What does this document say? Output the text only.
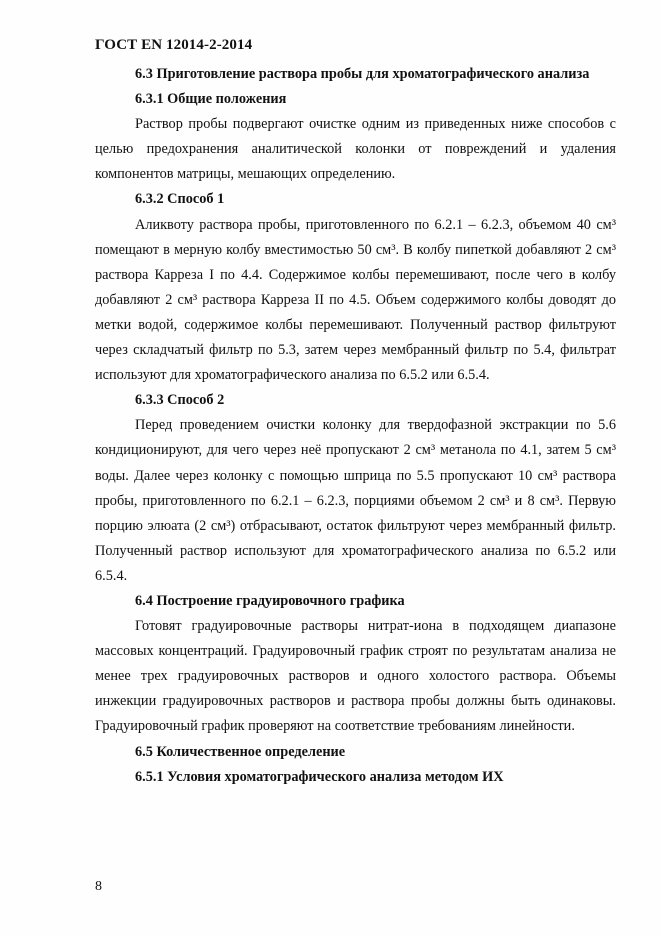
ГОСТ EN 12014-2-2014

6.3 Приготовление раствора пробы для хроматографического анализа

6.3.1 Общие положения

Раствор пробы подвергают очистке одним из приведенных ниже способов с целью предохранения аналитической колонки от повреждений и удаления компонентов матрицы, мешающих определению.

6.3.2 Способ 1

Аликвоту раствора пробы, приготовленного по 6.2.1 – 6.2.3, объемом 40 см³ помещают в мерную колбу вместимостью 50 см³. В колбу пипеткой добавляют 2 см³ раствора Карреза I по 4.4. Содержимое колбы перемешивают, после чего в колбу добавляют 2 см³ раствора Карреза II по 4.5. Объем содержимого колбы доводят до метки водой, содержимое колбы перемешивают. Полученный раствор фильтруют через складчатый фильтр по 5.3, затем через мембранный фильтр по 5.4, фильтрат используют для хроматографического анализа по 6.5.2 или 6.5.4.

6.3.3 Способ 2

Перед проведением очистки колонку для твердофазной экстракции по 5.6 кондиционируют, для чего через неё пропускают 2 см³ метанола по 4.1, затем 5 см³ воды. Далее через колонку с помощью шприца по 5.5 пропускают 10 см³ раствора пробы, приготовленного по 6.2.1 – 6.2.3, порциями объемом 2 см³ и 8 см³. Первую порцию элюата (2 см³) отбрасывают, остаток фильтруют через мембранный фильтр. Полученный раствор используют для хроматографического анализа по 6.5.2 или 6.5.4.

6.4 Построение градуировочного графика

Готовят градуировочные растворы нитрат-иона в подходящем диапазоне массовых концентраций. Градуировочный график строят по результатам анализа не менее трех градуировочных растворов и одного холостого раствора. Объемы инжекции градуировочных растворов и раствора пробы должны быть одинаковы. Градуировочный график проверяют на соответствие требованиям линейности.

6.5 Количественное определение

6.5.1 Условия хроматографического анализа методом ИХ

8
